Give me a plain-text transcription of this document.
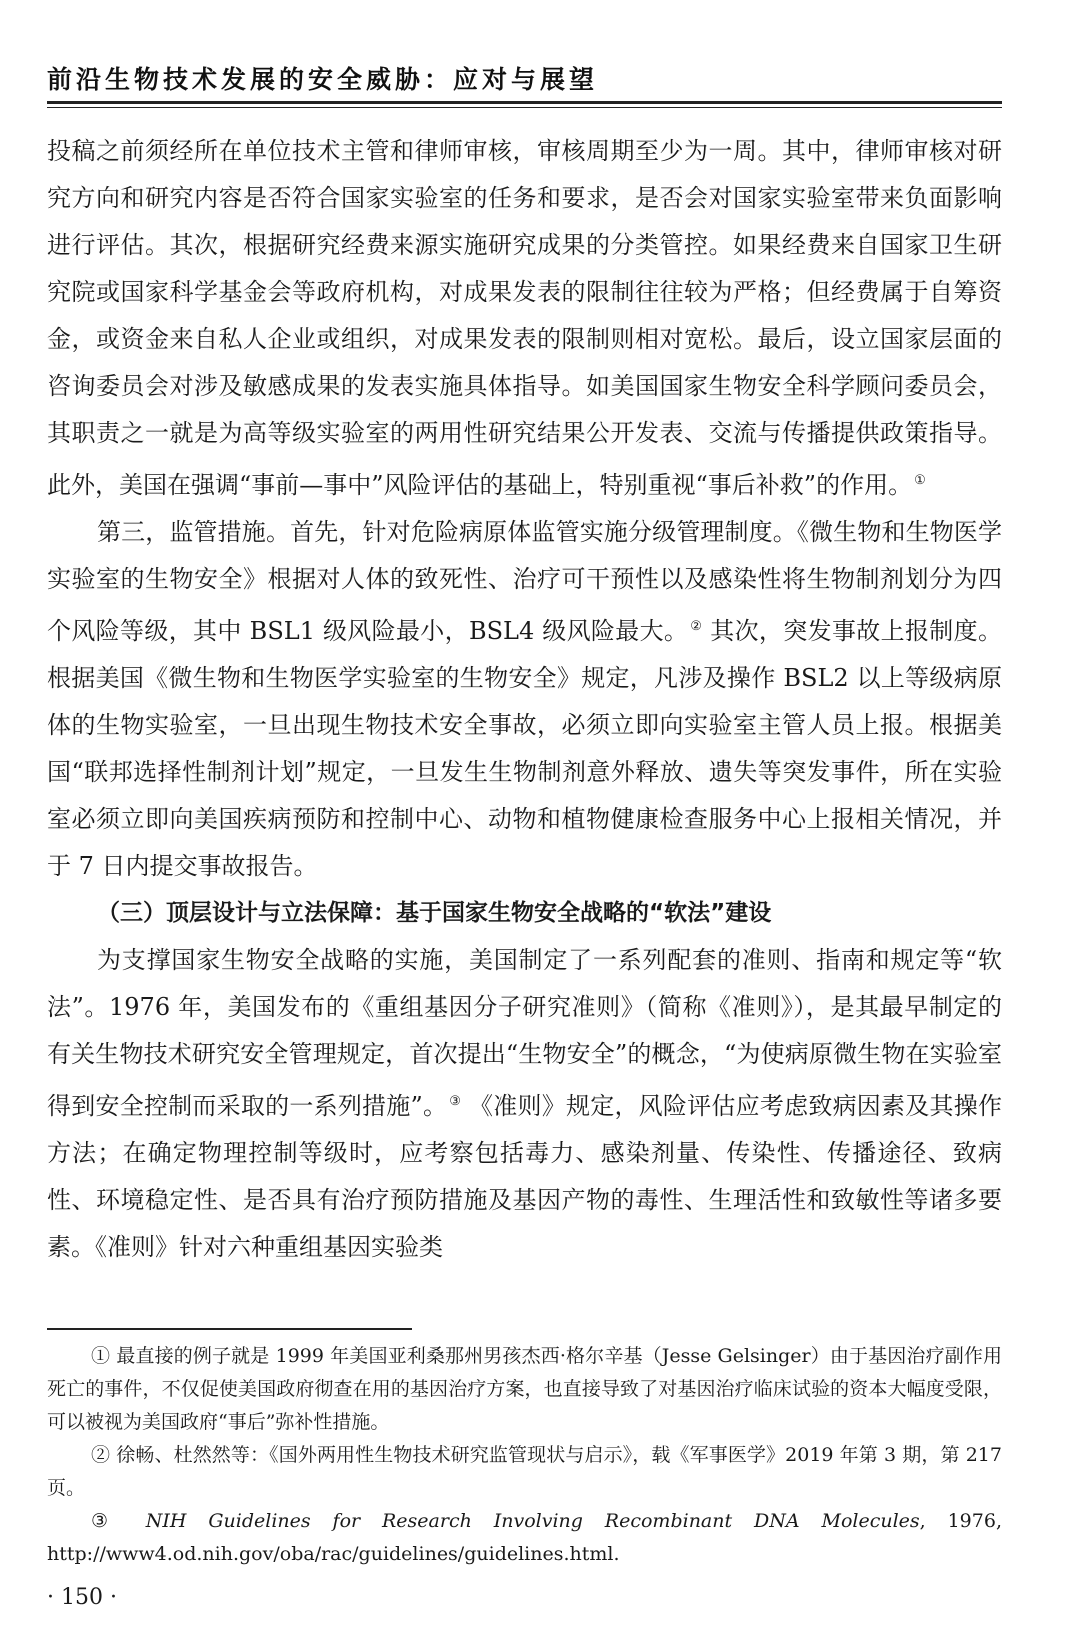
前沿生物技术发展的安全威胁：应对与展望

投稿之前须经所在单位技术主管和律师审核，审核周期至少为一周。其中，律师审核对研究方向和研究内容是否符合国家实验室的任务和要求，是否会对国家实验室带来负面影响进行评估。其次，根据研究经费来源实施研究成果的分类管控。如果经费来自国家卫生研究院或国家科学基金会等政府机构，对成果发表的限制往往较为严格；但经费属于自筹资金，或资金来自私人企业或组织，对成果发表的限制则相对宽松。最后，设立国家层面的咨询委员会对涉及敏感成果的发表实施具体指导。如美国国家生物安全科学顾问委员会，其职责之一就是为高等级实验室的两用性研究结果公开发表、交流与传播提供政策指导。此外，美国在强调“事前—事中”风险评估的基础上，特别重视“事后补救”的作用。 ①

第三，监管措施。首先，针对危险病原体监管实施分级管理制度。《微生物和生物医学实验室的生物安全》根据对人体的致死性、治疗可干预性以及感染性将生物制剂划分为四个风险等级，其中 BSL1 级风险最小，BSL4 级风险最大。 ② 其次，突发事故上报制度。根据美国《微生物和生物医学实验室的生物安全》规定，凡涉及操作 BSL2 以上等级病原体的生物实验室，一旦出现生物技术安全事故，必须立即向实验室主管人员上报。根据美国“联邦选择性制剂计划”规定，一旦发生生物制剂意外释放、遗失等突发事件，所在实验室必须立即向美国疾病预防和控制中心、动物和植物健康检查服务中心上报相关情况，并于 7 日内提交事故报告。

（三）顶层设计与立法保障：基于国家生物安全战略的“软法”建设

为支撑国家生物安全战略的实施，美国制定了一系列配套的准则、指南和规定等“软法”。1976 年，美国发布的《重组基因分子研究准则》（简称《准则》），是其最早制定的有关生物技术研究安全管理规定，首次提出“生物安全”的概念，“为使病原微生物在实验室得到安全控制而采取的一系列措施”。 ③ 《准则》规定，风险评估应考虑致病因素及其操作方法；在确定物理控制等级时，应考察包括毒力、感染剂量、传染性、传播途径、致病性、环境稳定性、是否具有治疗预防措施及基因产物的毒性、生理活性和致敏性等诸多要素。《准则》针对六种重组基因实验类

① 最直接的例子就是 1999 年美国亚利桑那州男孩杰西·格尔辛基（Jesse Gelsinger）由于基因治疗副作用死亡的事件，不仅促使美国政府彻查在用的基因治疗方案，也直接导致了对基因治疗临床试验的资本大幅度受限，可以被视为美国政府“事后”弥补性措施。

② 徐畅、杜然然等：《国外两用性生物技术研究监管现状与启示》，载《军事医学》2019 年第 3 期，第 217 页。

③ NIH Guidelines for Research Involving Recombinant DNA Molecules, 1976, http://www4.od.nih.gov/oba/rac/guidelines/guidelines.html.

· 150 ·
